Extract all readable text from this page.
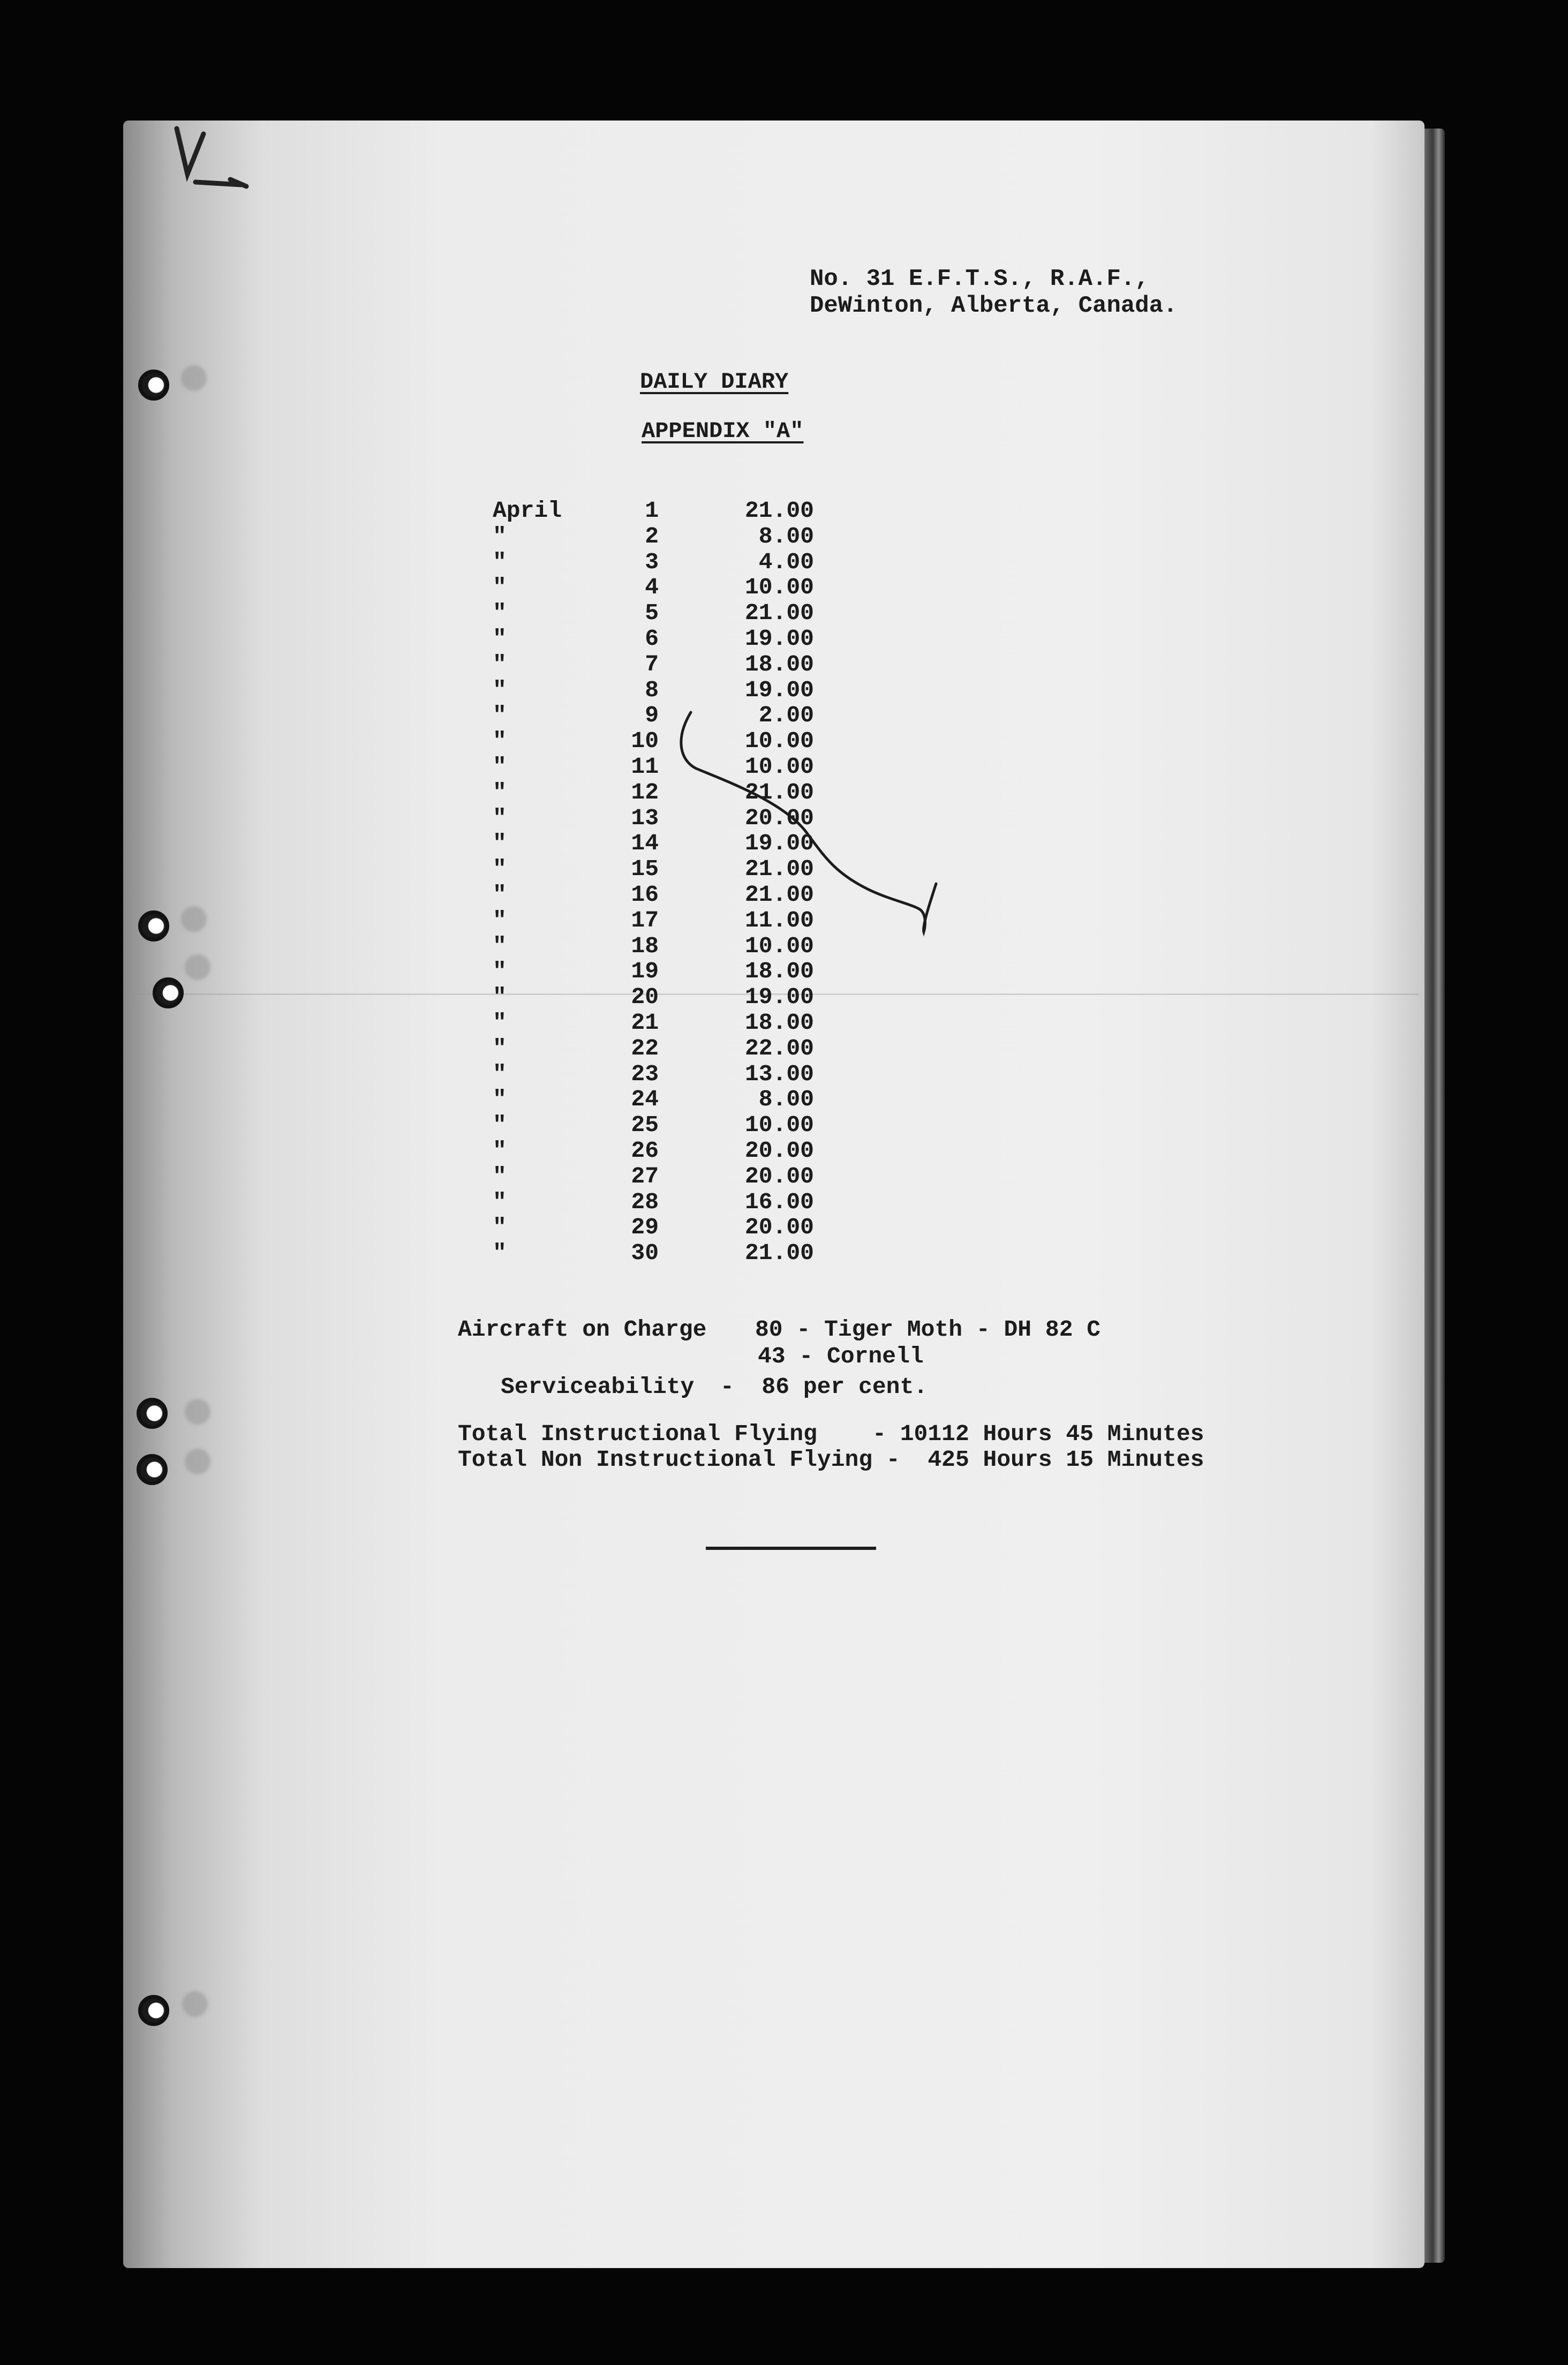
No. 31 E.F.T.S., R.A.F.,
DeWinton, Alberta, Canada.
DAILY DIARY
APPENDIX "A"
April	1	21.00
"	2	8.00
"	3	4.00
"	4	10.00
"	5	21.00
"	6	19.00
"	7	18.00
"	8	19.00
"	9	2.00
"	10	10.00
"	11	10.00
"	12	21.00
"	13	20.00
"	14	19.00
"	15	21.00
"	16	21.00
"	17	11.00
"	18	10.00
"	19	18.00
"	20	19.00
"	21	18.00
"	22	22.00
"	23	13.00
"	24	8.00
"	25	10.00
"	26	20.00
"	27	20.00
"	28	16.00
"	29	20.00
"	30	21.00
Aircraft on Charge 80 - Tiger Moth - DH 82 C
43 - Cornell
Serviceability -  86 per cent.
Total Instructional Flying    - 10112 Hours 45 Minutes
Total Non Instructional Flying -  425 Hours 15 Minutes
